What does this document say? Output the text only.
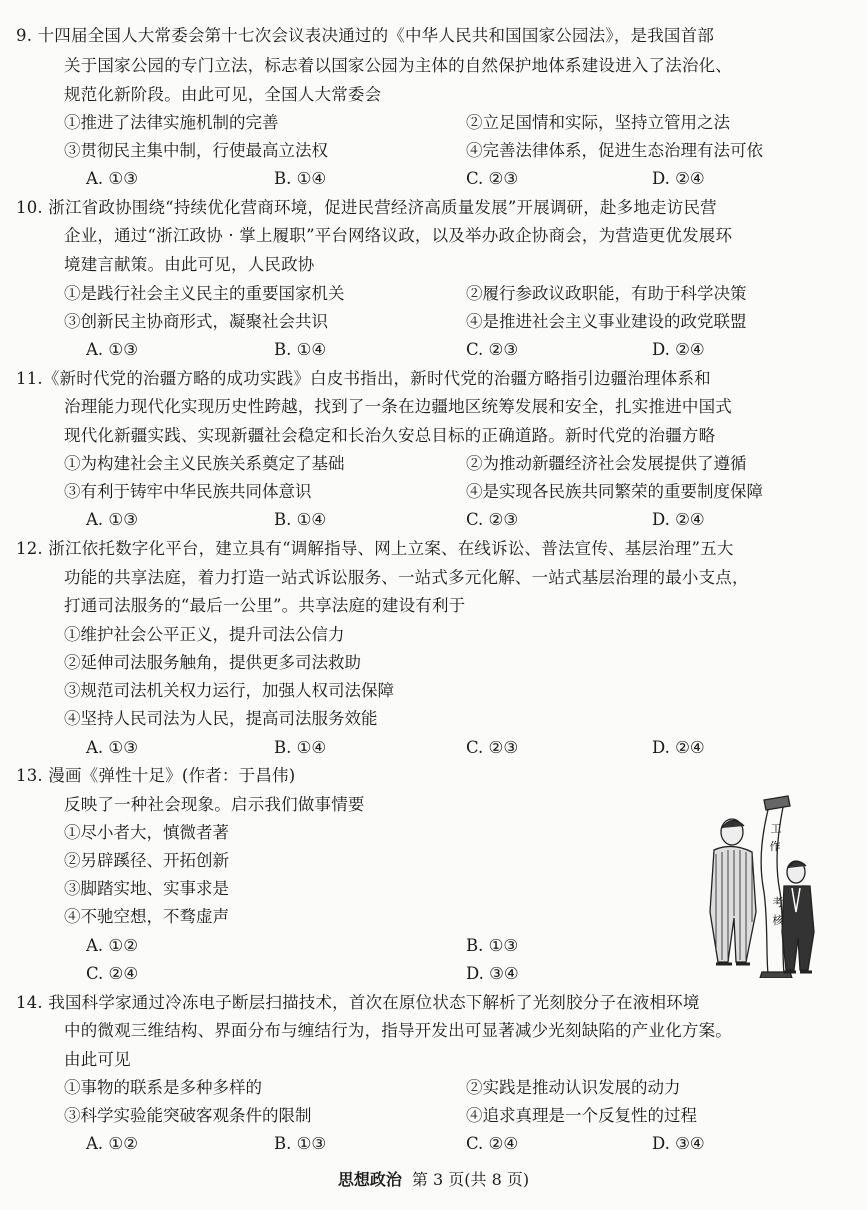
9. 十四届全国人大常委会第十七次会议表决通过的《中华人民共和国国家公园法》，是我国首部
关于国家公园的专门立法，标志着以国家公园为主体的自然保护地体系建设进入了法治化、
规范化新阶段。由此可见，全国人大常委会
①推进了法律实施机制的完善	②立足国情和实际，坚持立管用之法
③贯彻民主集中制，行使最高立法权	④完善法律体系，促进生态治理有法可依
A. ①③	B. ①④	C. ②③	D. ②④
10. 浙江省政协围绕“持续优化营商环境，促进民营经济高质量发展”开展调研，赴多地走访民营
企业，通过“浙江政协 · 掌上履职”平台网络议政，以及举办政企协商会，为营造更优发展环
境建言献策。由此可见，人民政协
①是践行社会主义民主的重要国家机关	②履行参政议政职能，有助于科学决策
③创新民主协商形式，凝聚社会共识	④是推进社会主义事业建设的政党联盟
A. ①③	B. ①④	C. ②③	D. ②④
11.《新时代党的治疆方略的成功实践》白皮书指出，新时代党的治疆方略指引边疆治理体系和
治理能力现代化实现历史性跨越，找到了一条在边疆地区统筹发展和安全，扎实推进中国式
现代化新疆实践、实现新疆社会稳定和长治久安总目标的正确道路。新时代党的治疆方略
①为构建社会主义民族关系奠定了基础	②为推动新疆经济社会发展提供了遵循
③有利于铸牢中华民族共同体意识	④是实现各民族共同繁荣的重要制度保障
A. ①③	B. ①④	C. ②③	D. ②④
12. 浙江依托数字化平台，建立具有“调解指导、网上立案、在线诉讼、普法宣传、基层治理”五大
功能的共享法庭，着力打造一站式诉讼服务、一站式多元化解、一站式基层治理的最小支点，
打通司法服务的“最后一公里”。共享法庭的建设有利于
①维护社会公平正义，提升司法公信力
②延伸司法服务触角，提供更多司法救助
③规范司法机关权力运行，加强人权司法保障
④坚持人民司法为人民，提高司法服务效能
A. ①③	B. ①④	C. ②③	D. ②④
13. 漫画《弹性十足》(作者：于昌伟)
反映了一种社会现象。启示我们做事情要
①尽小者大，慎微者著
②另辟蹊径、开拓创新
③脚踏实地、实事求是
④不驰空想，不骛虚声
A. ①②	B. ①③
C. ②④	D. ③④
工
作
考
核
14. 我国科学家通过冷冻电子断层扫描技术，首次在原位状态下解析了光刻胶分子在液相环境
中的微观三维结构、界面分布与缠结行为，指导开发出可显著减少光刻缺陷的产业化方案。
由此可见
①事物的联系是多种多样的	②实践是推动认识发展的动力
③科学实验能突破客观条件的限制	④追求真理是一个反复性的过程
A. ①②	B. ①③	C. ②④	D. ③④
思想政治 第 3 页(共 8 页)
